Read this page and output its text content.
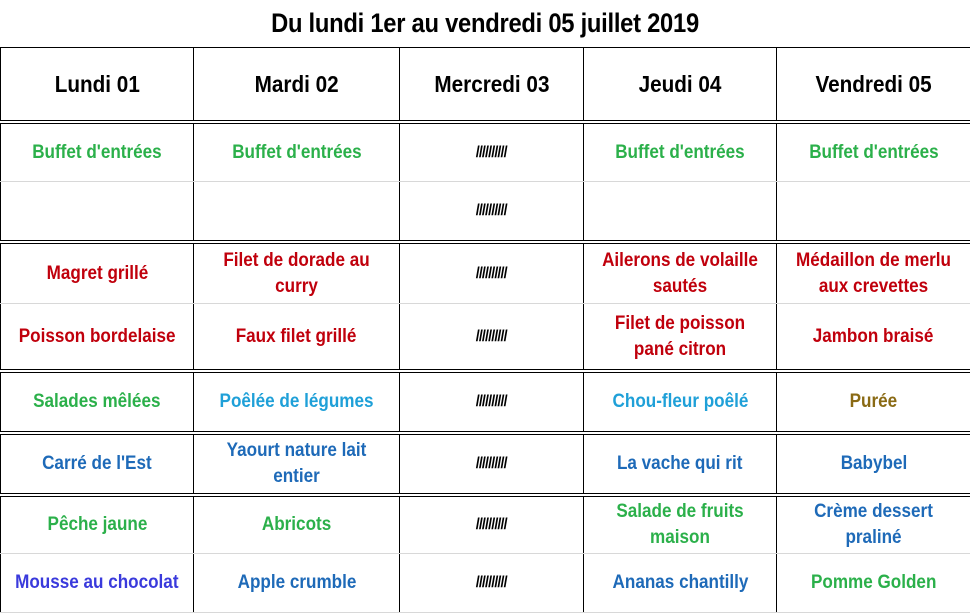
Du lundi 1er au vendredi 05 juillet 2019
Lundi 01	Mardi 02	Mercredi 03	Jeudi 04	Vendredi 05
Buffet d'entrées	Buffet d'entrées	//////////	Buffet d'entrées	Buffet d'entrées
		//////////		
Magret grillé	Filet de dorade au curry	//////////	Ailerons de volaille sautés	Médaillon de merlu aux crevettes
Poisson bordelaise	Faux filet grillé	//////////	Filet de poisson pané citron	Jambon braisé
Salades mêlées	Poêlée de légumes	//////////	Chou-fleur poêlé	Purée
Carré de l'Est	Yaourt nature lait entier	//////////	La vache qui rit	Babybel
Pêche jaune	Abricots	//////////	Salade de fruits maison	Crème dessert praliné
Mousse au chocolat	Apple crumble	//////////	Ananas chantilly	Pomme Golden
